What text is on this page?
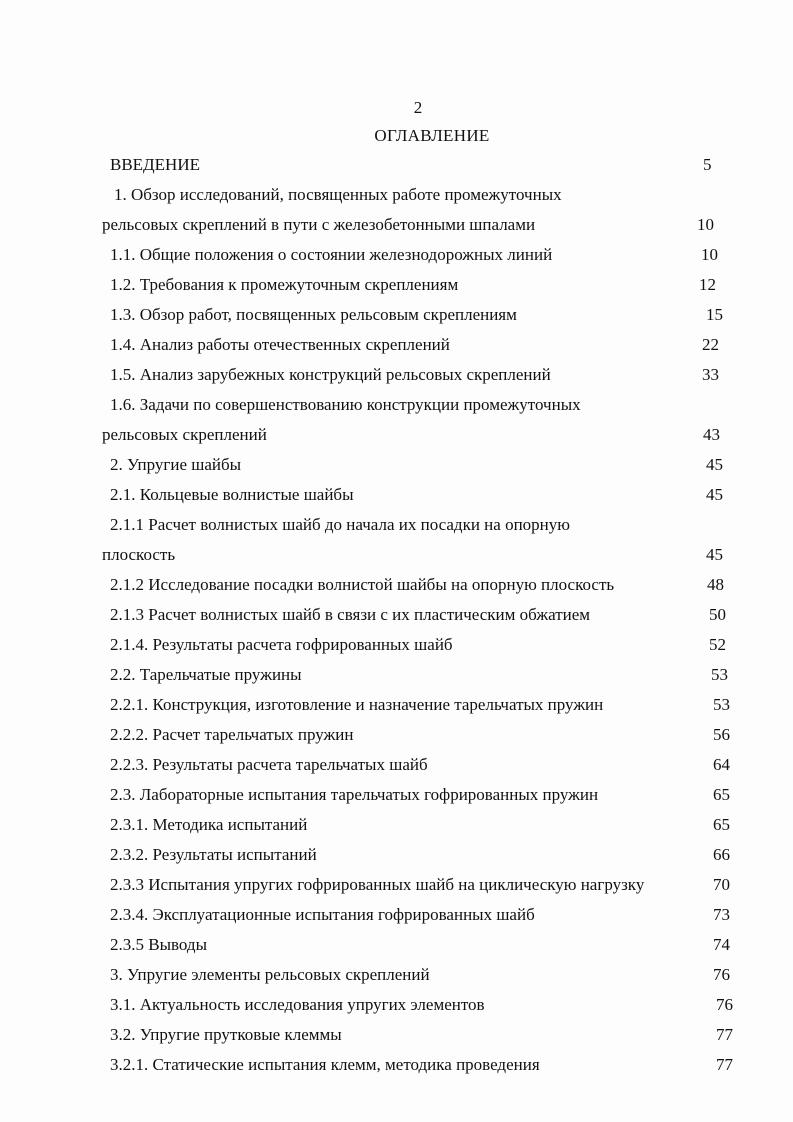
2
ОГЛАВЛЕНИЕ
ВВЕДЕНИЕ	5
1. Обзор исследований, посвященных работе промежуточных
рельсовых скреплений в пути с железобетонными шпалами	10
1.1. Общие положения о состоянии железнодорожных линий	10
1.2. Требования к промежуточным скреплениям	12
1.3. Обзор работ, посвященных рельсовым скреплениям	15
1.4. Анализ работы отечественных скреплений	22
1.5. Анализ зарубежных конструкций рельсовых скреплений	33
1.6. Задачи по совершенствованию конструкции промежуточных
рельсовых скреплений	43
2. Упругие шайбы	45
2.1. Кольцевые волнистые шайбы	45
2.1.1 Расчет волнистых шайб до начала их посадки на опорную
плоскость	45
2.1.2 Исследование посадки волнистой шайбы на опорную плоскость	48
2.1.3 Расчет волнистых шайб в связи с их пластическим обжатием	50
2.1.4. Результаты расчета гофрированных шайб	52
2.2. Тарельчатые пружины	53
2.2.1. Конструкция, изготовление и назначение тарельчатых пружин	53
2.2.2. Расчет тарельчатых пружин	56
2.2.3. Результаты расчета тарельчатых шайб	64
2.3. Лабораторные испытания тарельчатых гофрированных пружин	65
2.3.1. Методика испытаний	65
2.3.2. Результаты испытаний	66
2.3.3 Испытания упругих гофрированных шайб на циклическую нагрузку	70
2.3.4. Эксплуатационные испытания гофрированных шайб	73
2.3.5 Выводы	74
3. Упругие элементы рельсовых скреплений	76
3.1. Актуальность исследования упругих элементов	76
3.2. Упругие прутковые клеммы	77
3.2.1. Статические испытания клемм, методика проведения	77
